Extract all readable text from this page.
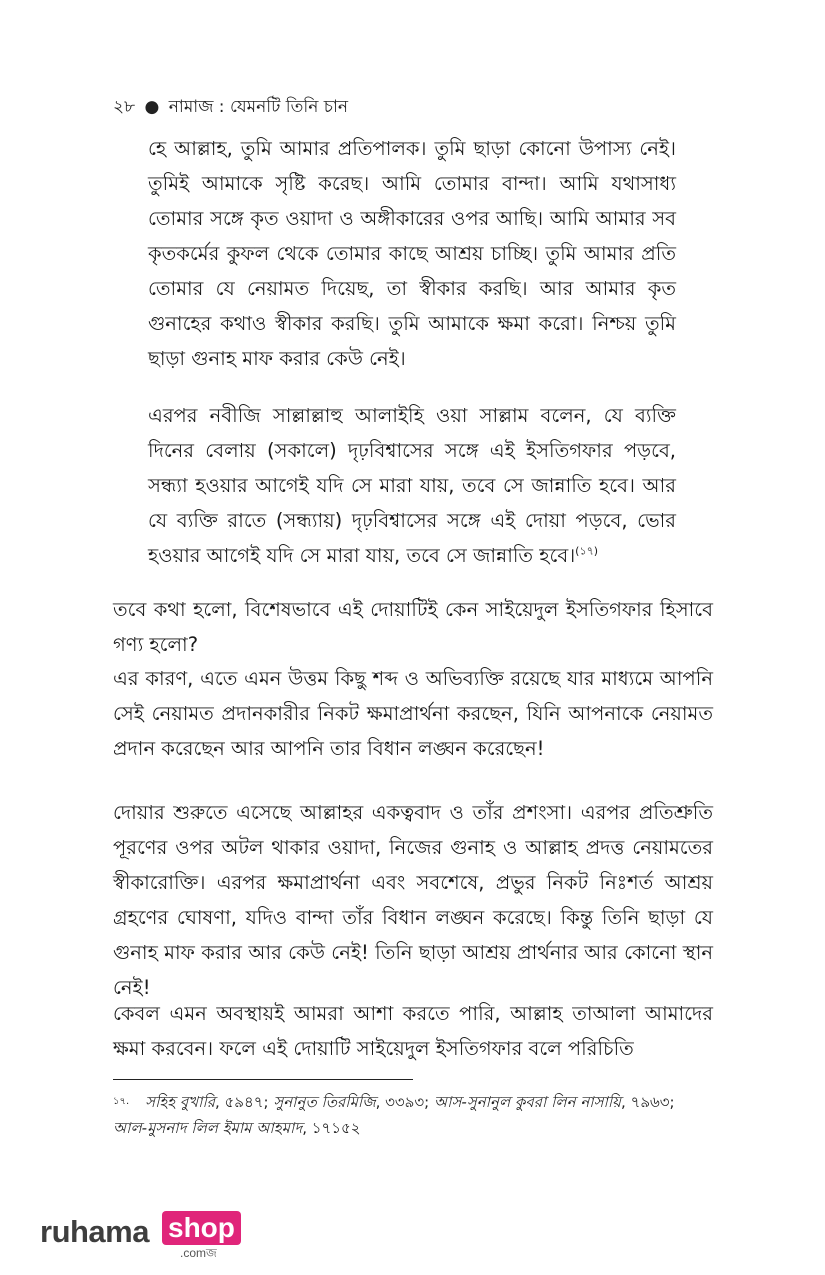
২৮ ● নামাজ : যেমনটি তিনি চান
হে আল্লাহ, তুমি আমার প্রতিপালক। তুমি ছাড়া কোনো উপাস্য নেই। তুমিই আমাকে সৃষ্টি করেছ। আমি তোমার বান্দা। আমি যথাসাধ্য তোমার সঙ্গে কৃত ওয়াদা ও অঙ্গীকারের ওপর আছি। আমি আমার সব কৃতকর্মের কুফল থেকে তোমার কাছে আশ্রয় চাচ্ছি। তুমি আমার প্রতি তোমার যে নেয়ামত দিয়েছ, তা স্বীকার করছি। আর আমার কৃত গুনাহের কথাও স্বীকার করছি। তুমি আমাকে ক্ষমা করো। নিশ্চয় তুমি ছাড়া গুনাহ মাফ করার কেউ নেই।
এরপর নবীজি সাল্লাল্লাহু আলাইহি ওয়া সাল্লাম বলেন, যে ব্যক্তি দিনের বেলায় (সকালে) দৃঢ়বিশ্বাসের সঙ্গে এই ইসতিগফার পড়বে, সন্ধ্যা হওয়ার আগেই যদি সে মারা যায়, তবে সে জান্নাতি হবে। আর যে ব্যক্তি রাতে (সন্ধ্যায়) দৃঢ়বিশ্বাসের সঙ্গে এই দোয়া পড়বে, ভোর হওয়ার আগেই যদি সে মারা যায়, তবে সে জান্নাতি হবে।$^{(১৭)}$
তবে কথা হলো, বিশেষভাবে এই দোয়াটিই কেন সাইয়েদুল ইসতিগফার হিসাবে গণ্য হলো?
এর কারণ, এতে এমন উত্তম কিছু শব্দ ও অভিব্যক্তি রয়েছে যার মাধ্যমে আপনি সেই নেয়ামত প্রদানকারীর নিকট ক্ষমাপ্রার্থনা করছেন, যিনি আপনাকে নেয়ামত প্রদান করেছেন আর আপনি তার বিধান লঙ্ঘন করেছেন!
দোয়ার শুরুতে এসেছে আল্লাহর একত্ববাদ ও তাঁর প্রশংসা। এরপর প্রতিশ্রুতি পূরণের ওপর অটল থাকার ওয়াদা, নিজের গুনাহ ও আল্লাহ প্রদত্ত নেয়ামতের স্বীকারোক্তি। এরপর ক্ষমাপ্রার্থনা এবং সবশেষে, প্রভুর নিকট নিঃশর্ত আশ্রয় গ্রহণের ঘোষণা, যদিও বান্দা তাঁর বিধান লঙ্ঘন করেছে। কিন্তু তিনি ছাড়া যে গুনাহ মাফ করার আর কেউ নেই! তিনি ছাড়া আশ্রয় প্রার্থনার আর কোনো স্থান নেই!
কেবল এমন অবস্থায়ই আমরা আশা করতে পারি, আল্লাহ তাআলা আমাদের ক্ষমা করবেন। ফলে এই দোয়াটি সাইয়েদুল ইসতিগফার বলে পরিচিতি
$^{১৭.}$ সহিহ বুখারি, ৫৯৪৭; সুনানুত তিরমিজি, ৩৩৯৩; আস-সুনানুল কুবরা লিন নাসায়ি, ৭৯৬৩; আল-মুসনাদ লিল ইমাম আহমাদ, ১৭১৫২
ruhama shop
.comজ
